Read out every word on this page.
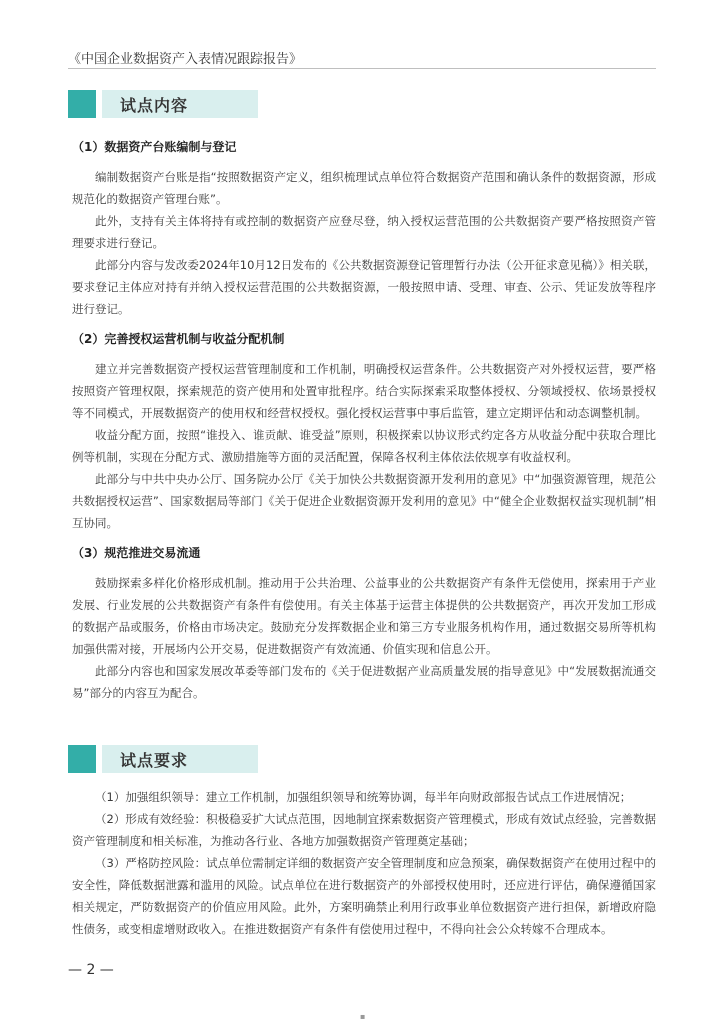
《中国企业数据资产入表情况跟踪报告》
试点内容
（1）数据资产台账编制与登记

编制数据资产台账是指“按照数据资产定义，组织梳理试点单位符合数据资产范围和确认条件的数据资源，形成规范化的数据资产管理台账”。

此外，支持有关主体将持有或控制的数据资产应登尽登，纳入授权运营范围的公共数据资产要严格按照资产管理要求进行登记。

此部分内容与发改委2024年10月12日发布的《公共数据资源登记管理暂行办法（公开征求意见稿）》相关联，要求登记主体应对持有并纳入授权运营范围的公共数据资源，一般按照申请、受理、审查、公示、凭证发放等程序进行登记。

（2）完善授权运营机制与收益分配机制

建立并完善数据资产授权运营管理制度和工作机制，明确授权运营条件。公共数据资产对外授权运营，要严格按照资产管理权限，探索规范的资产使用和处置审批程序。结合实际探索采取整体授权、分领域授权、依场景授权等不同模式，开展数据资产的使用权和经营权授权。强化授权运营事中事后监管，建立定期评估和动态调整机制。

收益分配方面，按照“谁投入、谁贡献、谁受益”原则，积极探索以协议形式约定各方从收益分配中获取合理比例等机制，实现在分配方式、激励措施等方面的灵活配置，保障各权利主体依法依规享有收益权利。

此部分与中共中央办公厅、国务院办公厅《关于加快公共数据资源开发利用的意见》中“加强资源管理，规范公共数据授权运营”、国家数据局等部门《关于促进企业数据资源开发利用的意见》中“健全企业数据权益实现机制”相互协同。

（3）规范推进交易流通

鼓励探索多样化价格形成机制。推动用于公共治理、公益事业的公共数据资产有条件无偿使用，探索用于产业发展、行业发展的公共数据资产有条件有偿使用。有关主体基于运营主体提供的公共数据资产，再次开发加工形成的数据产品或服务，价格由市场决定。鼓励充分发挥数据企业和第三方专业服务机构作用，通过数据交易所等机构加强供需对接，开展场内公开交易，促进数据资产有效流通、价值实现和信息公开。

此部分内容也和国家发展改革委等部门发布的《关于促进数据产业高质量发展的指导意见》中“发展数据流通交易”部分的内容互为配合。

试点要求

（1）加强组织领导：建立工作机制，加强组织领导和统筹协调，每半年向财政部报告试点工作进展情况；

（2）形成有效经验：积极稳妥扩大试点范围，因地制宜探索数据资产管理模式，形成有效试点经验，完善数据资产管理制度和相关标准，为推动各行业、各地方加强数据资产管理奠定基础；

（3）严格防控风险：试点单位需制定详细的数据资产安全管理制度和应急预案，确保数据资产在使用过程中的安全性，降低数据泄露和滥用的风险。试点单位在进行数据资产的外部授权使用时，还应进行评估，确保遵循国家相关规定，严防数据资产的价值应用风险。此外，方案明确禁止利用行政事业单位数据资产进行担保，新增政府隐性债务，或变相虚增财政收入。在推进数据资产有条件有偿使用过程中，不得向社会公众转嫁不合理成本。

— 2 —
▪
